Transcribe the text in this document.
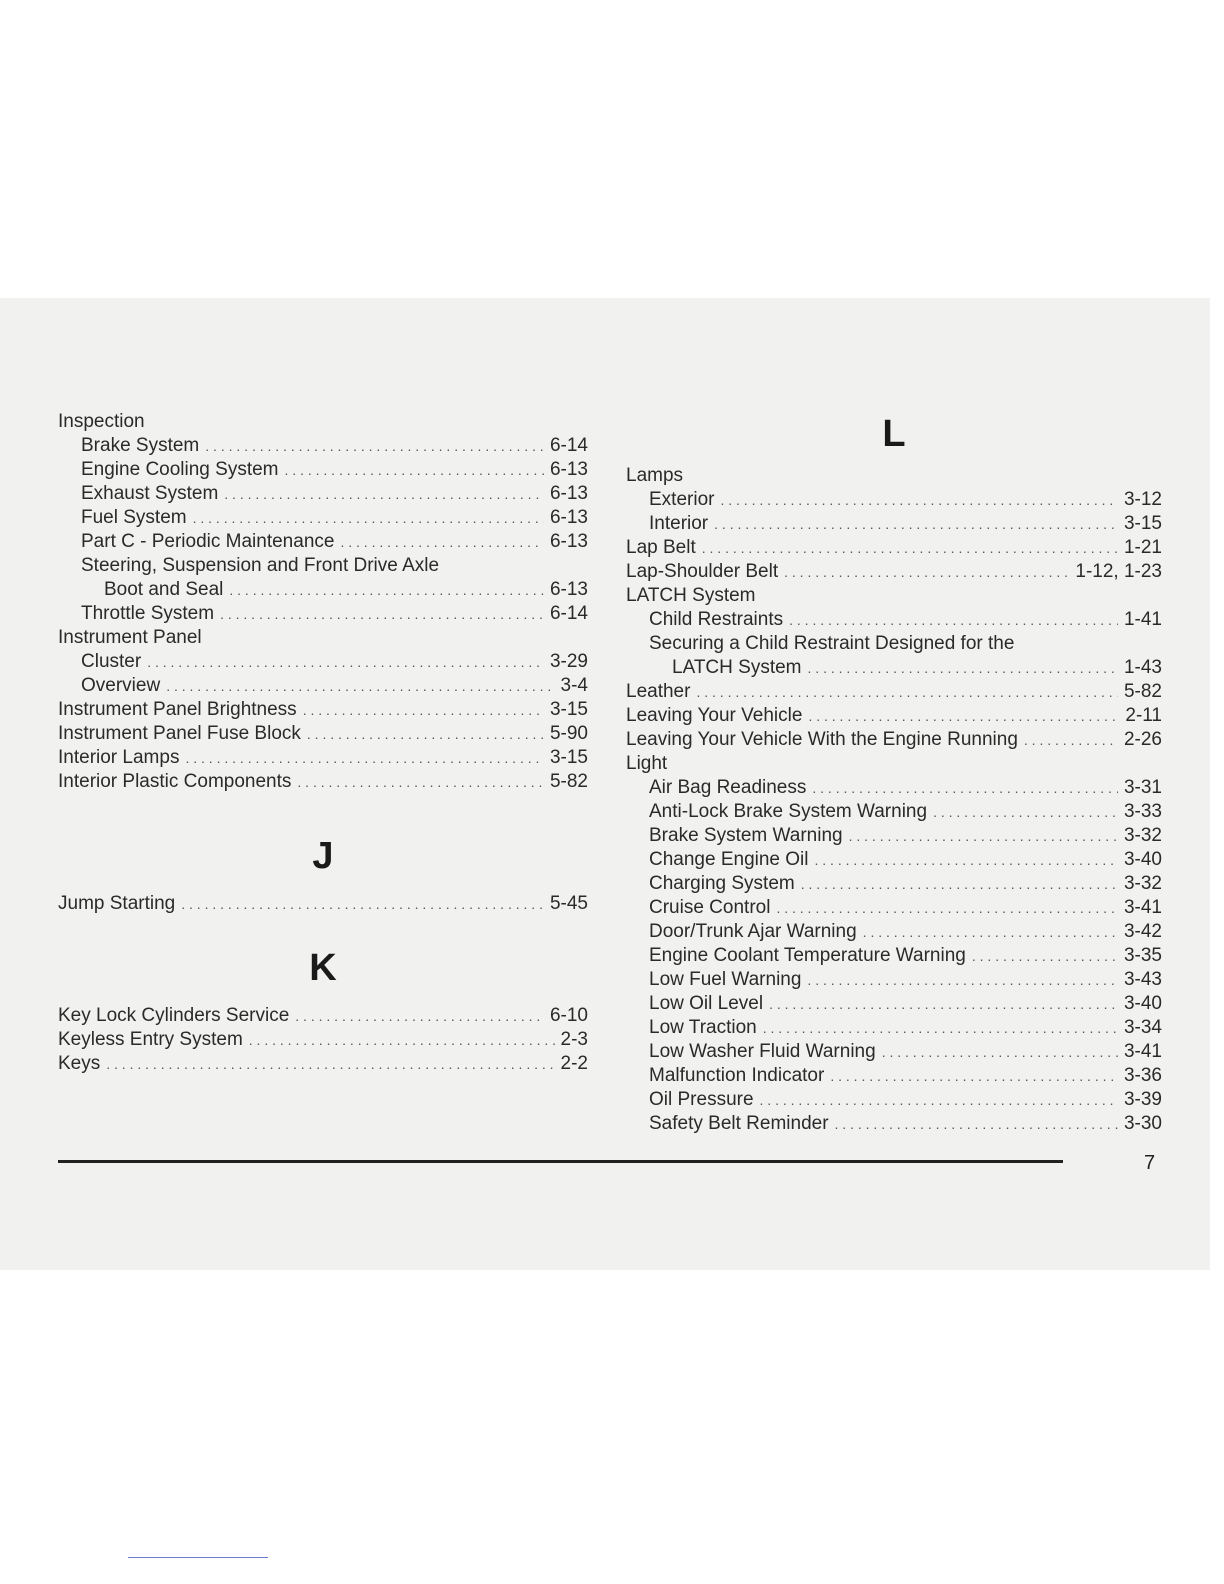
Inspection
Brake System . . .	6-14
Engine Cooling System . . .	6-13
Exhaust System . . .	6-13
Fuel System . . .	6-13
Part C - Periodic Maintenance . . .	6-13
Steering, Suspension and Front Drive Axle
Boot and Seal . . .	6-13
Throttle System . . .	6-14
Instrument Panel
Cluster . . .	3-29
Overview . . .	3-4
Instrument Panel Brightness . . .	3-15
Instrument Panel Fuse Block . . .	5-90
Interior Lamps . . .	3-15
Interior Plastic Components . . .	5-82
J
Jump Starting . . .	5-45
K
Key Lock Cylinders Service . . .	6-10
Keyless Entry System . . .	2-3
Keys . . .	2-2
L
Lamps
Exterior . . .	3-12
Interior . . .	3-15
Lap Belt . . .	1-21
Lap-Shoulder Belt . . .	1-12, 1-23
LATCH System
Child Restraints . . .	1-41
Securing a Child Restraint Designed for the
LATCH System . . .	1-43
Leather . . .	5-82
Leaving Your Vehicle . . .	2-11
Leaving Your Vehicle With the Engine Running . . .	2-26
Light
Air Bag Readiness . . .	3-31
Anti-Lock Brake System Warning . . .	3-33
Brake System Warning . . .	3-32
Change Engine Oil . . .	3-40
Charging System . . .	3-32
Cruise Control . . .	3-41
Door/Trunk Ajar Warning . . .	3-42
Engine Coolant Temperature Warning . . .	3-35
Low Fuel Warning . . .	3-43
Low Oil Level . . .	3-40
Low Traction . . .	3-34
Low Washer Fluid Warning . . .	3-41
Malfunction Indicator . . .	3-36
Oil Pressure . . .	3-39
Safety Belt Reminder . . .	3-30
7
